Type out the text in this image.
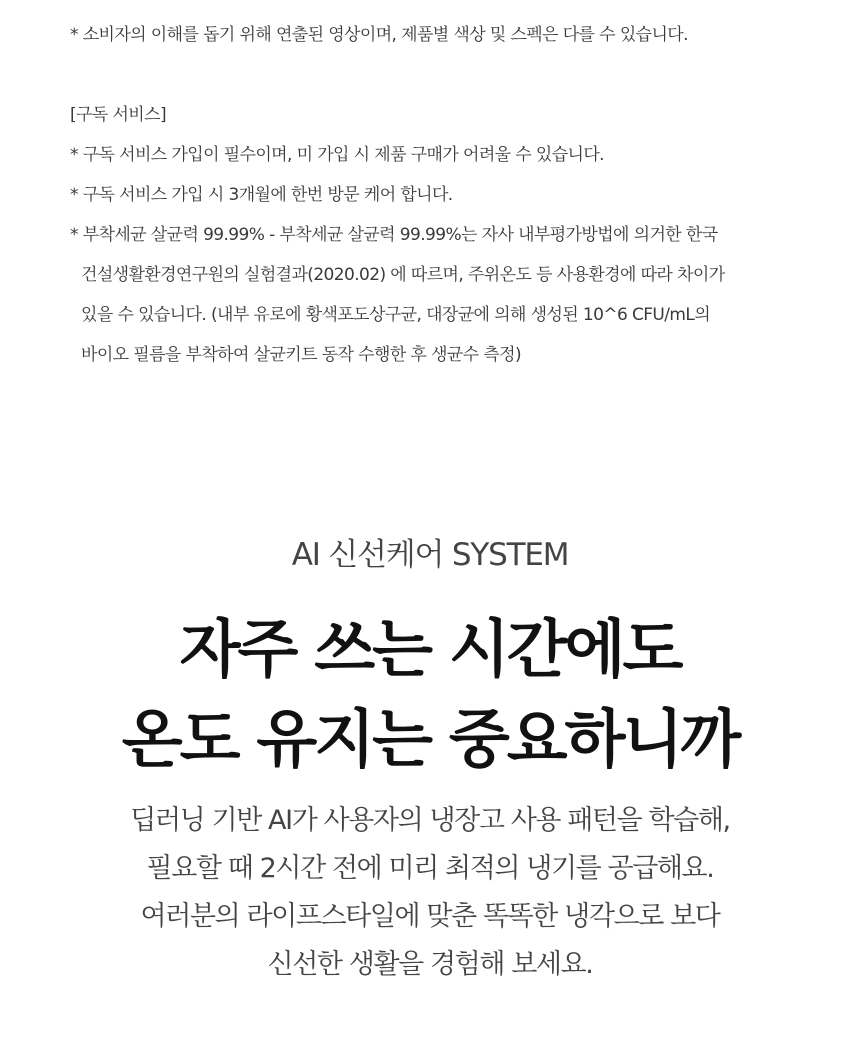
* 소비자의 이해를 돕기 위해 연출된 영상이며, 제품별 색상 및 스펙은 다를 수 있습니다.
[구독 서비스]
* 구독 서비스 가입이 필수이며, 미 가입 시 제품 구매가 어려울 수 있습니다.
* 구독 서비스 가입 시 3개월에 한번 방문 케어 합니다.
* 부착세균 살균력 99.99% - 부착세균 살균력 99.99%는 자사 내부평가방법에 의거한 한국
건설생활환경연구원의 실험결과(2020.02) 에 따르며, 주위온도 등 사용환경에 따라 차이가
있을 수 있습니다. (내부 유로에 황색포도상구균, 대장균에 의해 생성된 10^6 CFU/mL의
바이오 필름을 부착하여 살균키트 동작 수행한 후 생균수 측정)
AI 신선케어 SYSTEM
자주 쓰는 시간에도
온도 유지는 중요하니까
딥러닝 기반 AI가 사용자의 냉장고 사용 패턴을 학습해,
필요할 때 2시간 전에 미리 최적의 냉기를 공급해요.
여러분의 라이프스타일에 맞춘 똑똑한 냉각으로 보다
신선한 생활을 경험해 보세요.
